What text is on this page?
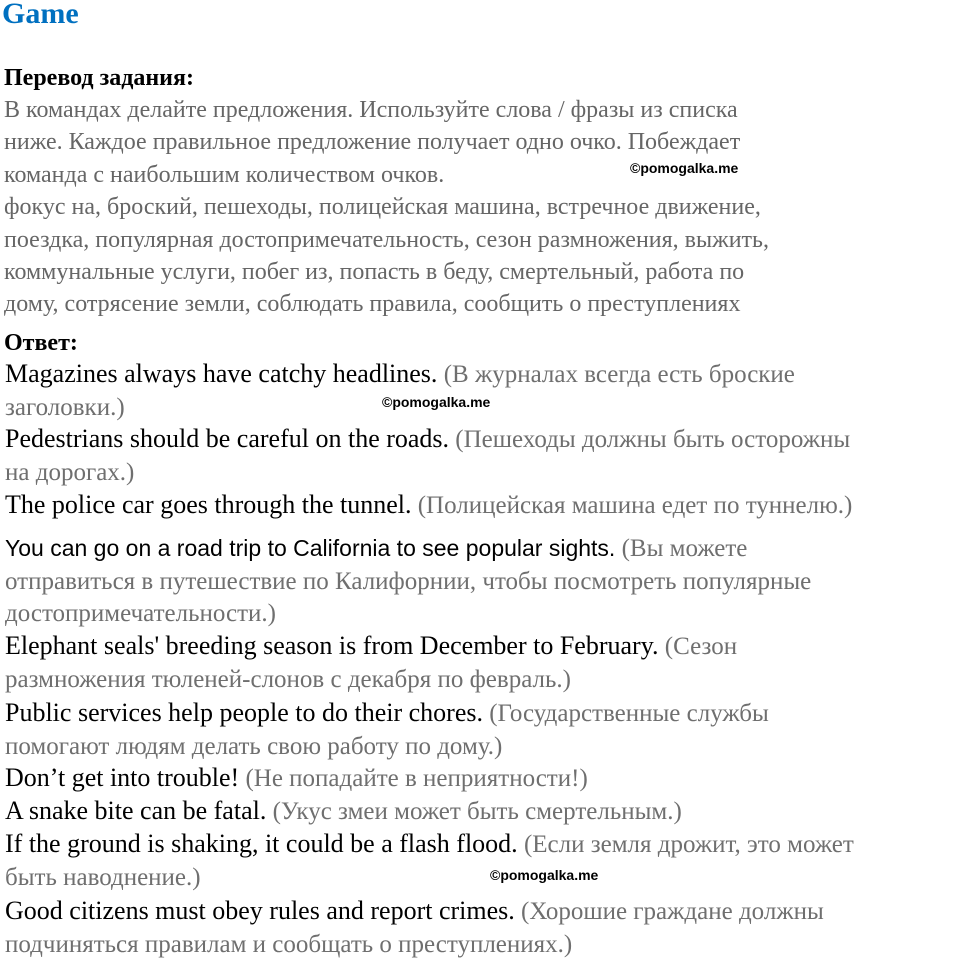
Game
Перевод задания:
В командах делайте предложения. Используйте слова / фразы из списка
ниже. Каждое правильное предложение получает одно очко. Побеждает
команда с наибольшим количеством очков.
фокус на, броский, пешеходы, полицейская машина, встречное движение,
поездка, популярная достопримечательность, сезон размножения, выжить,
коммунальные услуги, побег из, попасть в беду, смертельный, работа по
дому, сотрясение земли, соблюдать правила, сообщить о преступлениях
Ответ:
Magazines always have catchy headlines. (В журналах всегда есть броские
заголовки.)
Pedestrians should be careful on the roads. (Пешеходы должны быть осторожны
на дорогах.)
The police car goes through the tunnel. (Полицейская машина едет по туннелю.)
You can go on a road trip to California to see popular sights. (Вы можете
отправиться в путешествие по Калифорнии, чтобы посмотреть популярные
достопримечательности.)
Elephant seals' breeding season is from December to February. (Сезон
размножения тюленей-слонов с декабря по февраль.)
Public services help people to do their chores. (Государственные службы
помогают людям делать свою работу по дому.)
Don’t get into trouble! (Не попадайте в неприятности!)
A snake bite can be fatal. (Укус змеи может быть смертельным.)
If the ground is shaking, it could be a flash flood. (Если земля дрожит, это может
быть наводнение.)
Good citizens must obey rules and report crimes. (Хорошие граждане должны
подчиняться правилам и сообщать о преступлениях.)
©pomogalka.me
©pomogalka.me
©pomogalka.me
